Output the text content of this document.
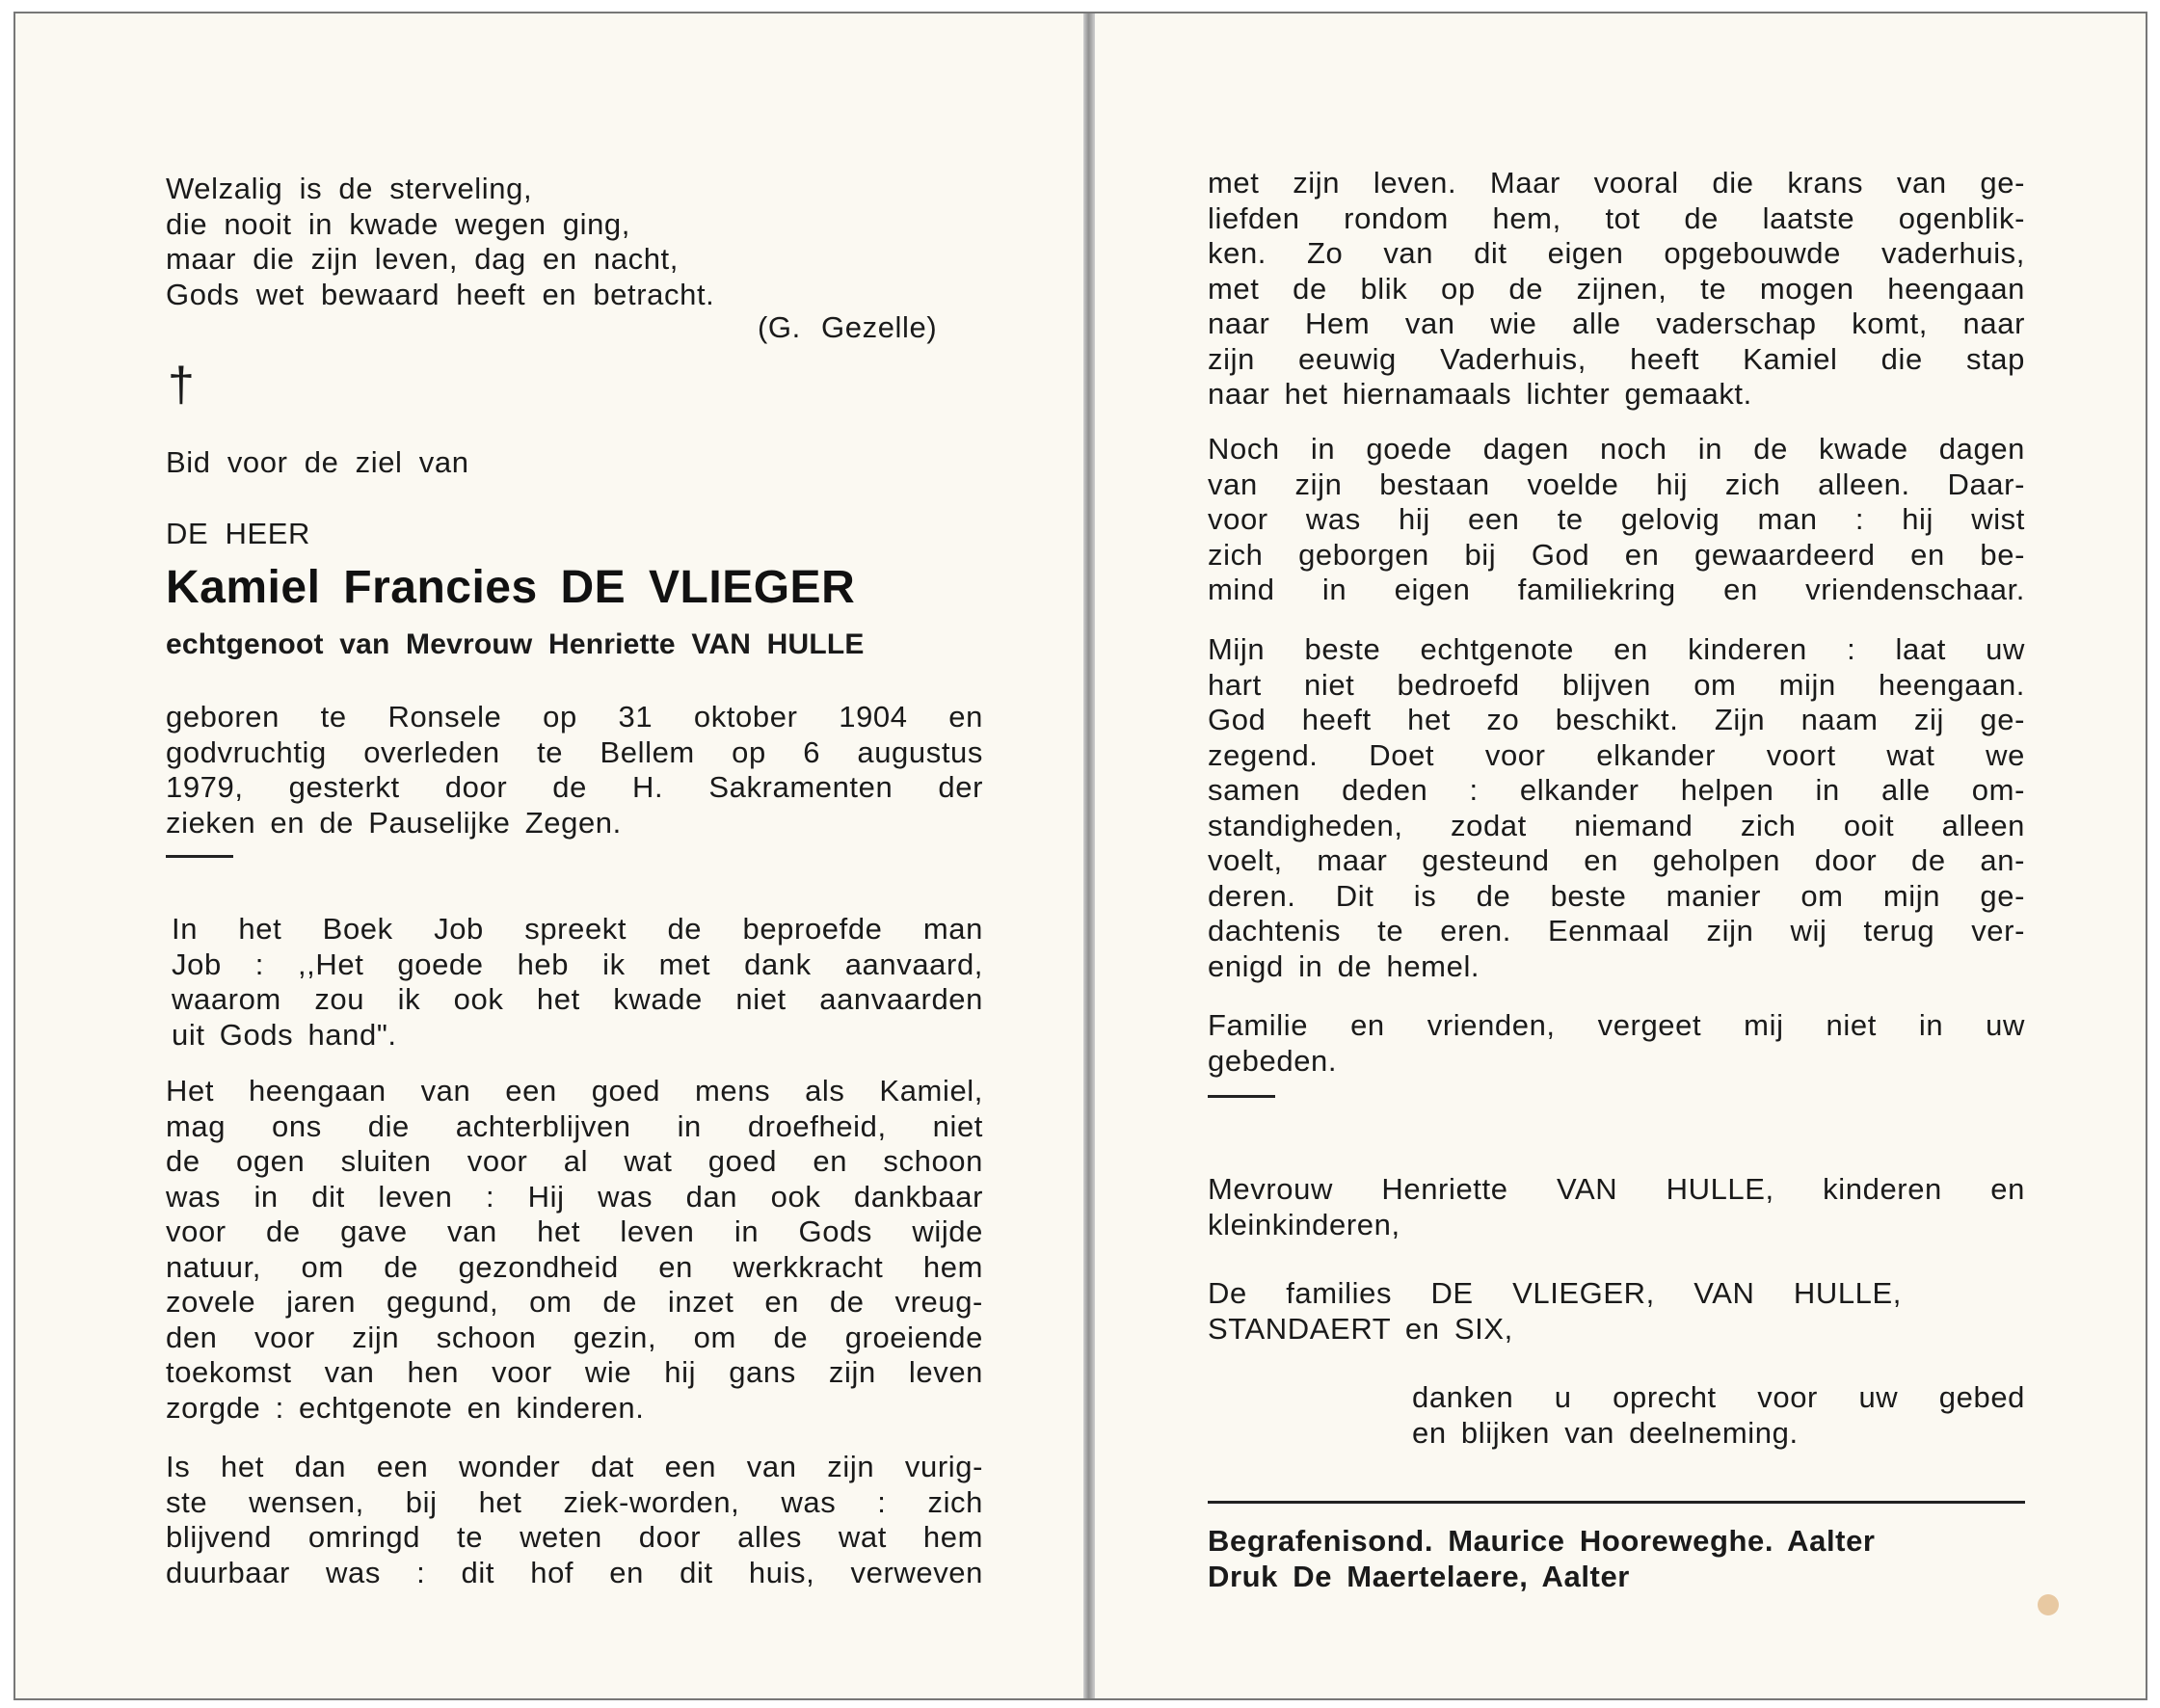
Welzalig is de sterveling,
die nooit in kwade wegen ging,
maar die zijn leven, dag en nacht,
Gods wet bewaard heeft en betracht.
(G. Gezelle)
†
Bid voor de ziel van
DE HEER
Kamiel Francies DE VLIEGER
echtgenoot van Mevrouw Henriette VAN HULLE
geboren te Ronsele op 31 oktober 1904 en
godvruchtig overleden te Bellem op 6 augustus
1979, gesterkt door de H. Sakramenten der
zieken en de Pauselijke Zegen.
In het Boek Job spreekt de beproefde man
Job : ,,Het goede heb ik met dank aanvaard,
waarom zou ik ook het kwade niet aanvaarden
uit Gods hand".
Het heengaan van een goed mens als Kamiel,
mag ons die achterblijven in droefheid, niet
de ogen sluiten voor al wat goed en schoon
was in dit leven : Hij was dan ook dankbaar
voor de gave van het leven in Gods wijde
natuur, om de gezondheid en werkkracht hem
zovele jaren gegund, om de inzet en de vreug-
den voor zijn schoon gezin, om de groeiende
toekomst van hen voor wie hij gans zijn leven
zorgde : echtgenote en kinderen.
Is het dan een wonder dat een van zijn vurig-
ste wensen, bij het ziek-worden, was : zich
blijvend omringd te weten door alles wat hem
duurbaar was : dit hof en dit huis, verweven
met zijn leven. Maar vooral die krans van ge-
liefden rondom hem, tot de laatste ogenblik-
ken. Zo van dit eigen opgebouwde vaderhuis,
met de blik op de zijnen, te mogen heengaan
naar Hem van wie alle vaderschap komt, naar
zijn eeuwig Vaderhuis, heeft Kamiel die stap
naar het hiernamaals lichter gemaakt.
Noch in goede dagen noch in de kwade dagen
van zijn bestaan voelde hij zich alleen. Daar-
voor was hij een te gelovig man : hij wist
zich geborgen bij God en gewaardeerd en be-
mind in eigen familiekring en vriendenschaar.
Mijn beste echtgenote en kinderen : laat uw
hart niet bedroefd blijven om mijn heengaan.
God heeft het zo beschikt. Zijn naam zij ge-
zegend. Doet voor elkander voort wat we
samen deden : elkander helpen in alle om-
standigheden, zodat niemand zich ooit alleen
voelt, maar gesteund en geholpen door de an-
deren. Dit is de beste manier om mijn ge-
dachtenis te eren. Eenmaal zijn wij terug ver-
enigd in de hemel.
Familie en vrienden, vergeet mij niet in uw
gebeden.
Mevrouw Henriette VAN HULLE, kinderen en
kleinkinderen,
De families DE VLIEGER, VAN HULLE,
STANDAERT en SIX,
danken u oprecht voor uw gebed
en blijken van deelneming.
Begrafenisond. Maurice Hooreweghe. Aalter
Druk De Maertelaere, Aalter
